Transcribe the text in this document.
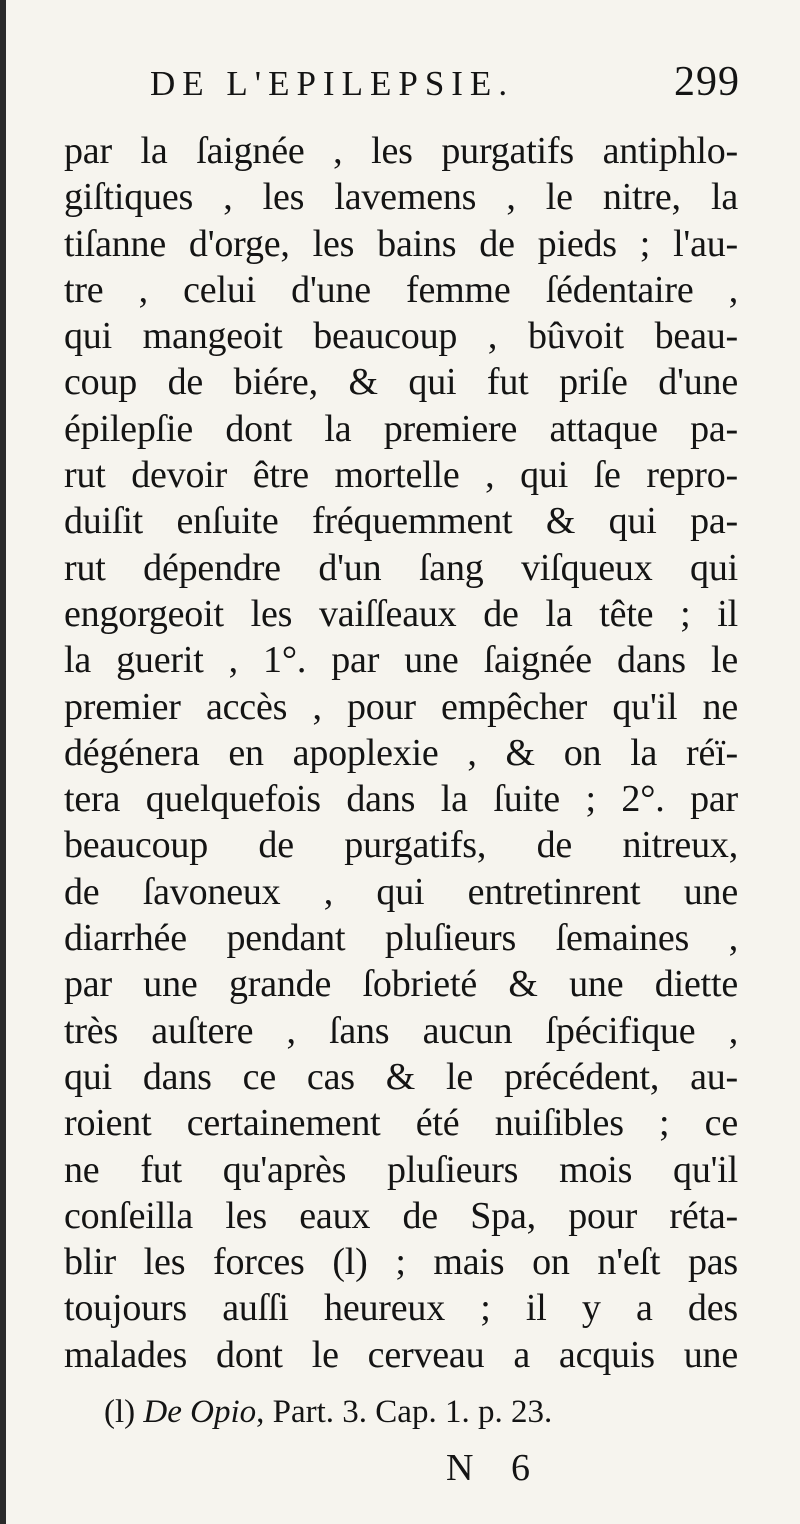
DE L'EPILEPSIE.	299
par la ſaignée , les purgatifs antiphlo-
giſtiques , les lavemens , le nitre, la
tiſanne d'orge, les bains de pieds ; l'au-
tre , celui d'une femme ſédentaire ,
qui mangeoit beaucoup , bûvoit beau-
coup de biére, & qui fut priſe d'une
épilepſie dont la premiere attaque pa-
rut devoir être mortelle , qui ſe repro-
duiſit enſuite fréquemment & qui pa-
rut dépendre d'un ſang viſqueux qui
engorgeoit les vaiſſeaux de la tête ; il
la guerit , 1°. par une ſaignée dans le
premier accès , pour empêcher qu'il ne
dégénera en apoplexie , & on la réï-
tera quelquefois dans la ſuite ; 2°. par
beaucoup de purgatifs, de nitreux,
de ſavoneux , qui entretinrent une
diarrhée pendant pluſieurs ſemaines ,
par une grande ſobrieté & une diette
très auſtere , ſans aucun ſpécifique ,
qui dans ce cas & le précédent, au-
roient certainement été nuiſibles ; ce
ne fut qu'après pluſieurs mois qu'il
conſeilla les eaux de Spa, pour réta-
blir les forces (l) ; mais on n'eſt pas
toujours auſſi heureux ; il y a des
malades dont le cerveau a acquis une
(l) De Opio, Part. 3. Cap. 1. p. 23.
N 6
